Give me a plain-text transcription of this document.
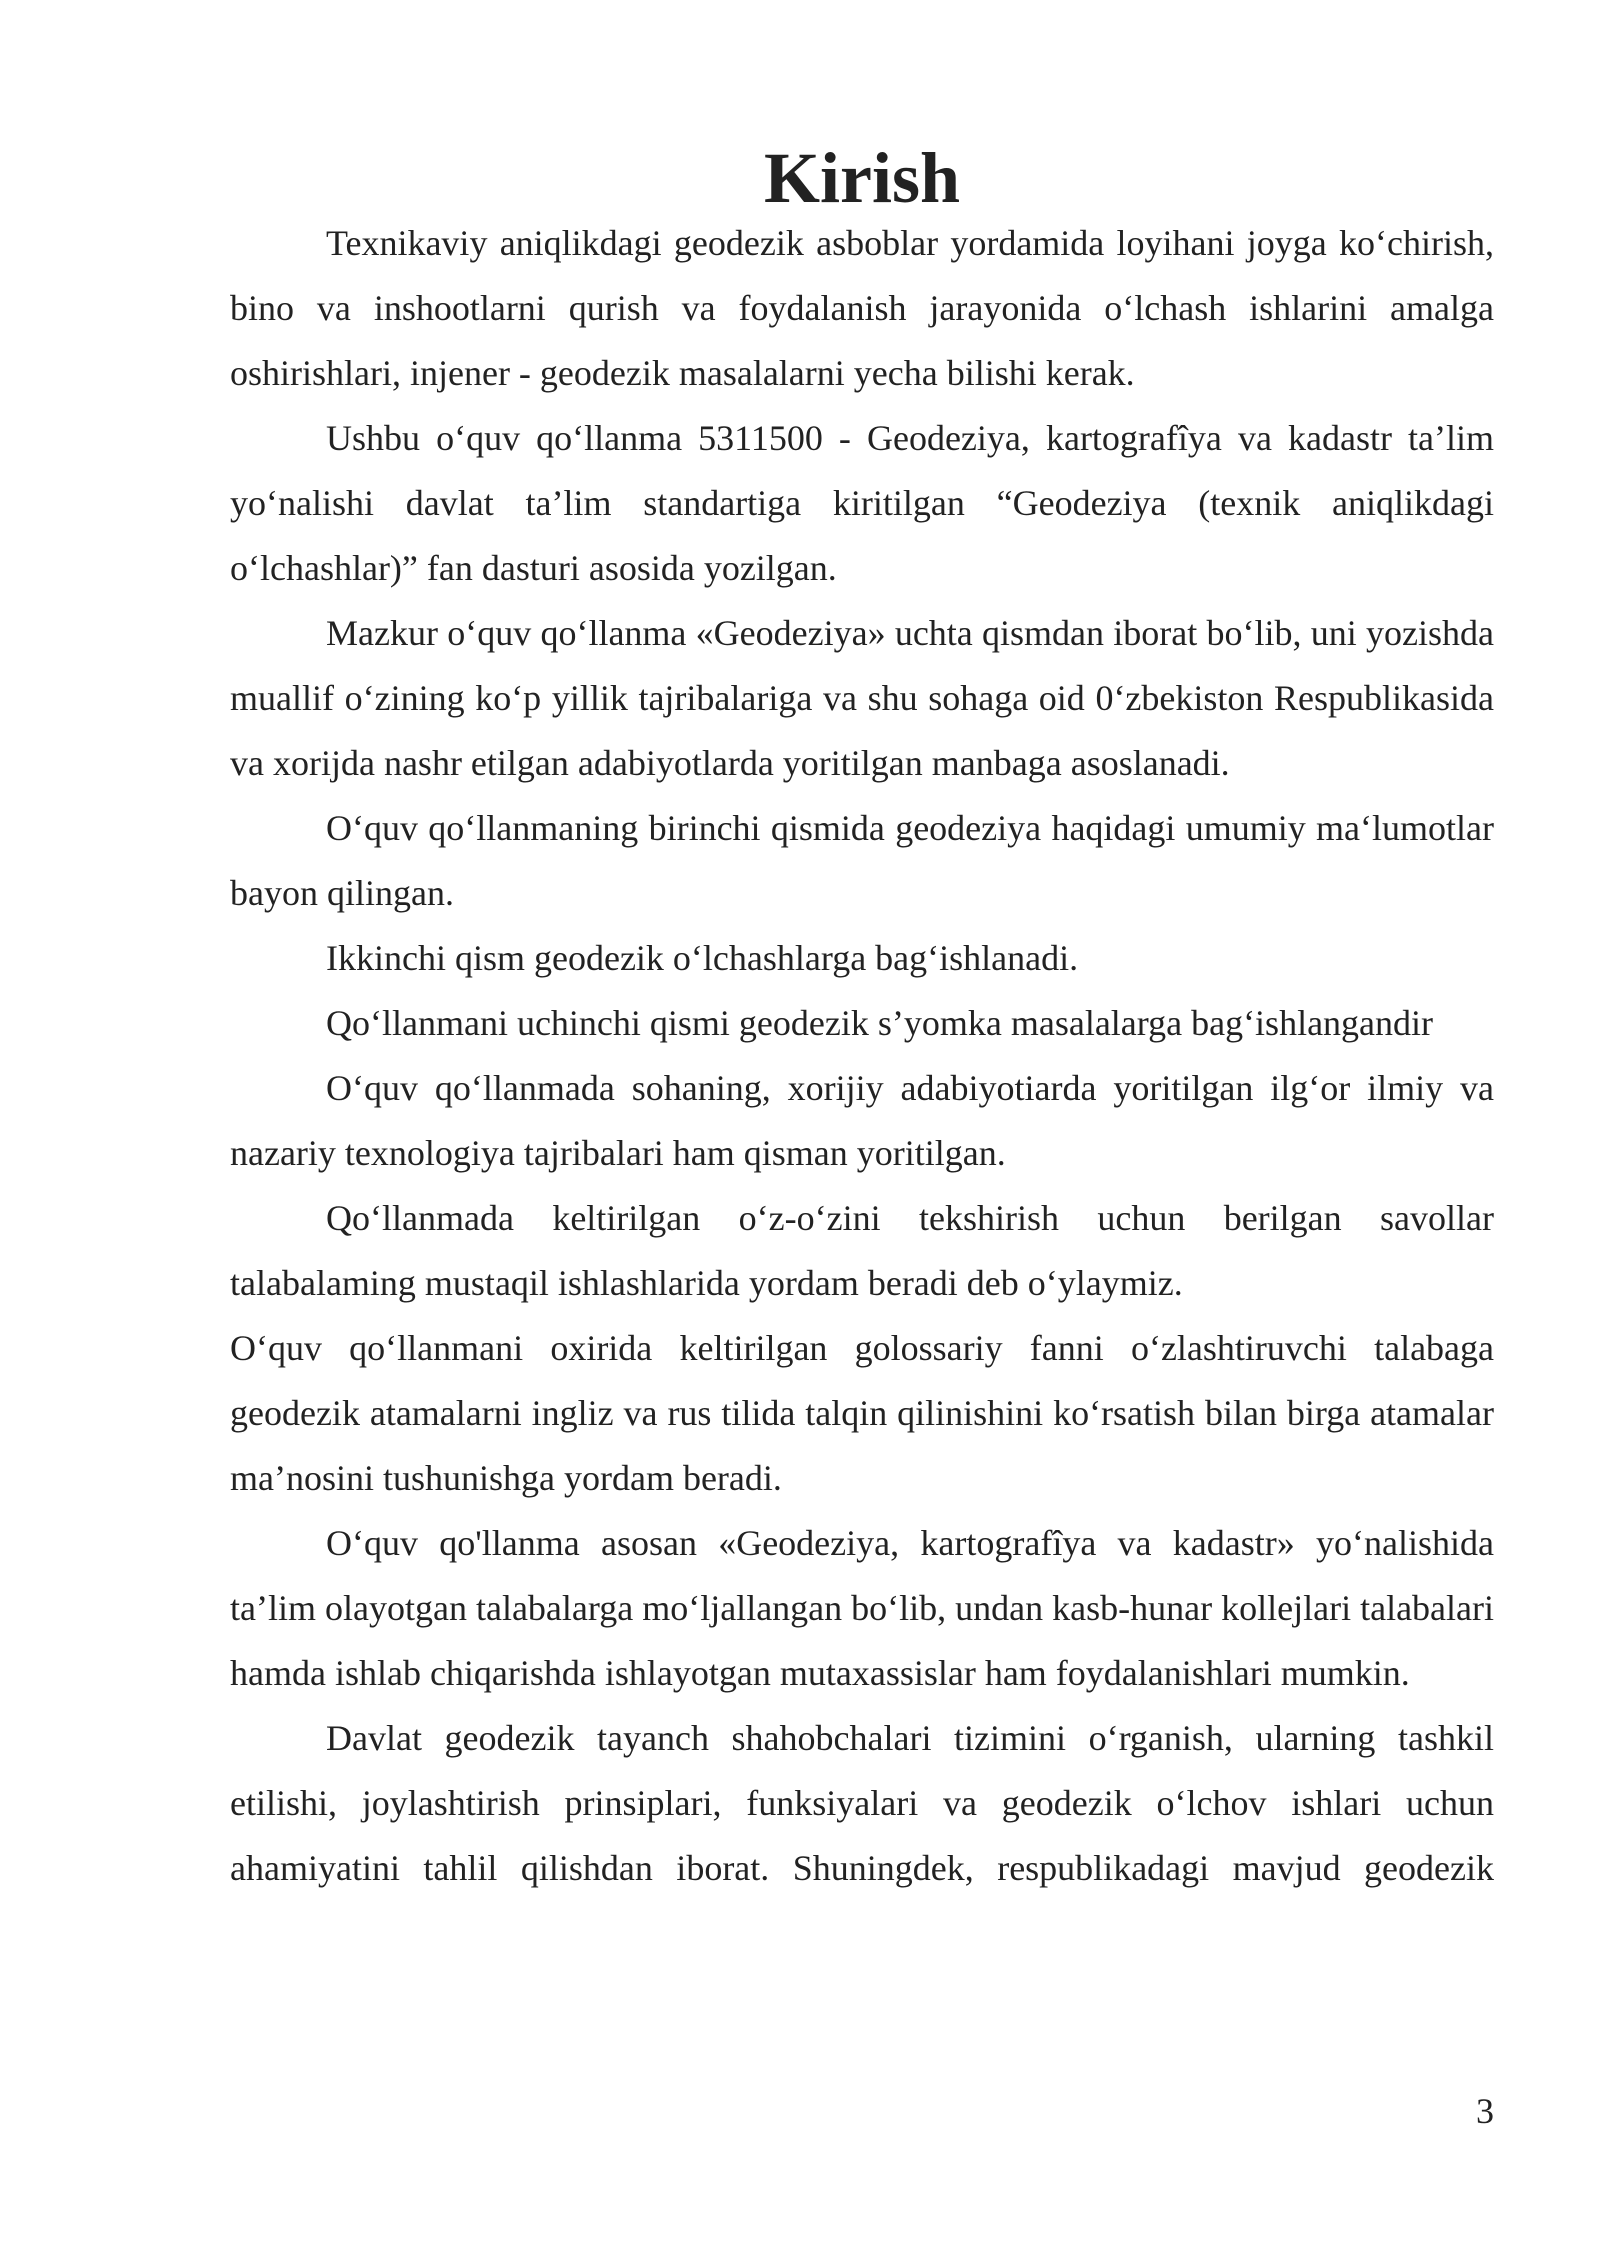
Kirish

Texnikaviy aniqlikdagi geodezik asboblar yordamida loyihani joyga ko‘chirish, bino va inshootlarni qurish va foydalanish jarayonida o‘lchash ishlarini amalga oshirishlari, injener - geodezik masalalarni yecha bilishi kerak.

Ushbu o‘quv qo‘llanma 5311500 - Geodeziya, kartografîya va kadastr ta’lim yo‘nalishi davlat ta’lim standartiga kiritilgan “Geodeziya (texnik aniqlikdagi o‘lchashlar)” fan dasturi asosida yozilgan.

Mazkur o‘quv qo‘llanma «Geodeziya» uchta qismdan iborat bo‘lib, uni yozishda muallif o‘zining ko‘p yillik tajribalariga va shu sohaga oid 0‘zbekiston Respublikasida va xorijda nashr etilgan adabiyotlarda yoritilgan manbaga asoslanadi.

O‘quv qo‘llanmaning birinchi qismida geodeziya haqidagi umumiy ma‘lumotlar bayon qilingan.

Ikkinchi qism geodezik o‘lchashlarga bag‘ishlanadi.

Qo‘llanmani uchinchi qismi geodezik s’yomka masalalarga bag‘ishlangandir

O‘quv qo‘llanmada sohaning, xorijiy adabiyotiarda yoritilgan ilg‘or ilmiy va nazariy texnologiya tajribalari ham qisman yoritilgan.

Qo‘llanmada keltirilgan o‘z-o‘zini tekshirish uchun berilgan savollar talabalaming mustaqil ishlashlarida yordam beradi deb o‘ylaymiz.

O‘quv qo‘llanmani oxirida keltirilgan golossariy fanni o‘zlashtiruvchi talabaga geodezik atamalarni ingliz va rus tilida talqin qilinishini ko‘rsatish bilan birga atamalar ma’nosini tushunishga yordam beradi.

O‘quv qo'llanma asosan «Geodeziya, kartografîya va kadastr» yo‘nalishida ta’lim olayotgan talabalarga mo‘ljallangan bo‘lib, undan kasb-hunar kollejlari talabalari hamda ishlab chiqarishda ishlayotgan mutaxassislar ham foydalanishlari mumkin.

Davlat geodezik tayanch shahobchalari tizimini o‘rganish, ularning tashkil etilishi, joylashtirish prinsiplari, funksiyalari va geodezik o‘lchov ishlari uchun ahamiyatini tahlil qilishdan iborat. Shuningdek, respublikadagi mavjud geodezik

3
